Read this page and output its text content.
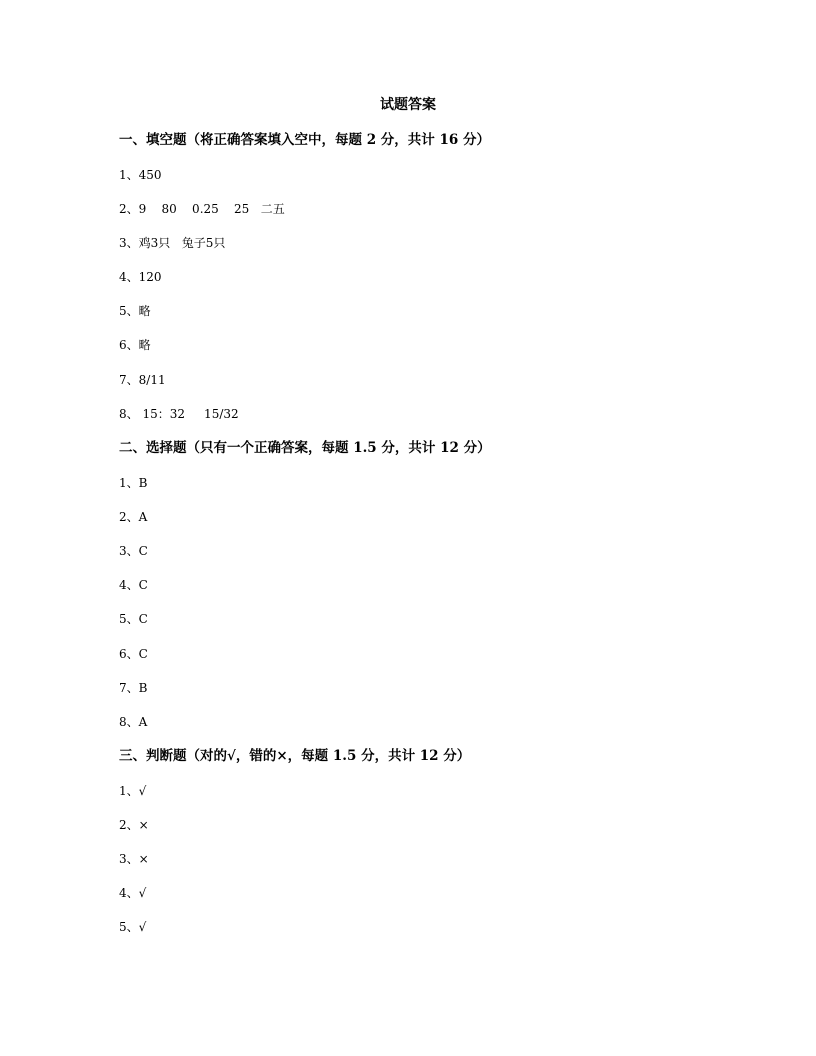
试题答案
一、填空题（将正确答案填入空中，每题 2 分，共计 16 分）
1、450
2、9    80    0.25    25   二五
3、鸡3只   兔子5只
4、120
5、略
6、略
7、8/11
8、 15：32     15/32
二、选择题（只有一个正确答案，每题 1.5 分，共计 12 分）
1、B
2、A
3、C
4、C
5、C
6、C
7、B
8、A
三、判断题（对的√，错的×，每题 1.5 分，共计 12 分）
1、√
2、×
3、×
4、√
5、√
